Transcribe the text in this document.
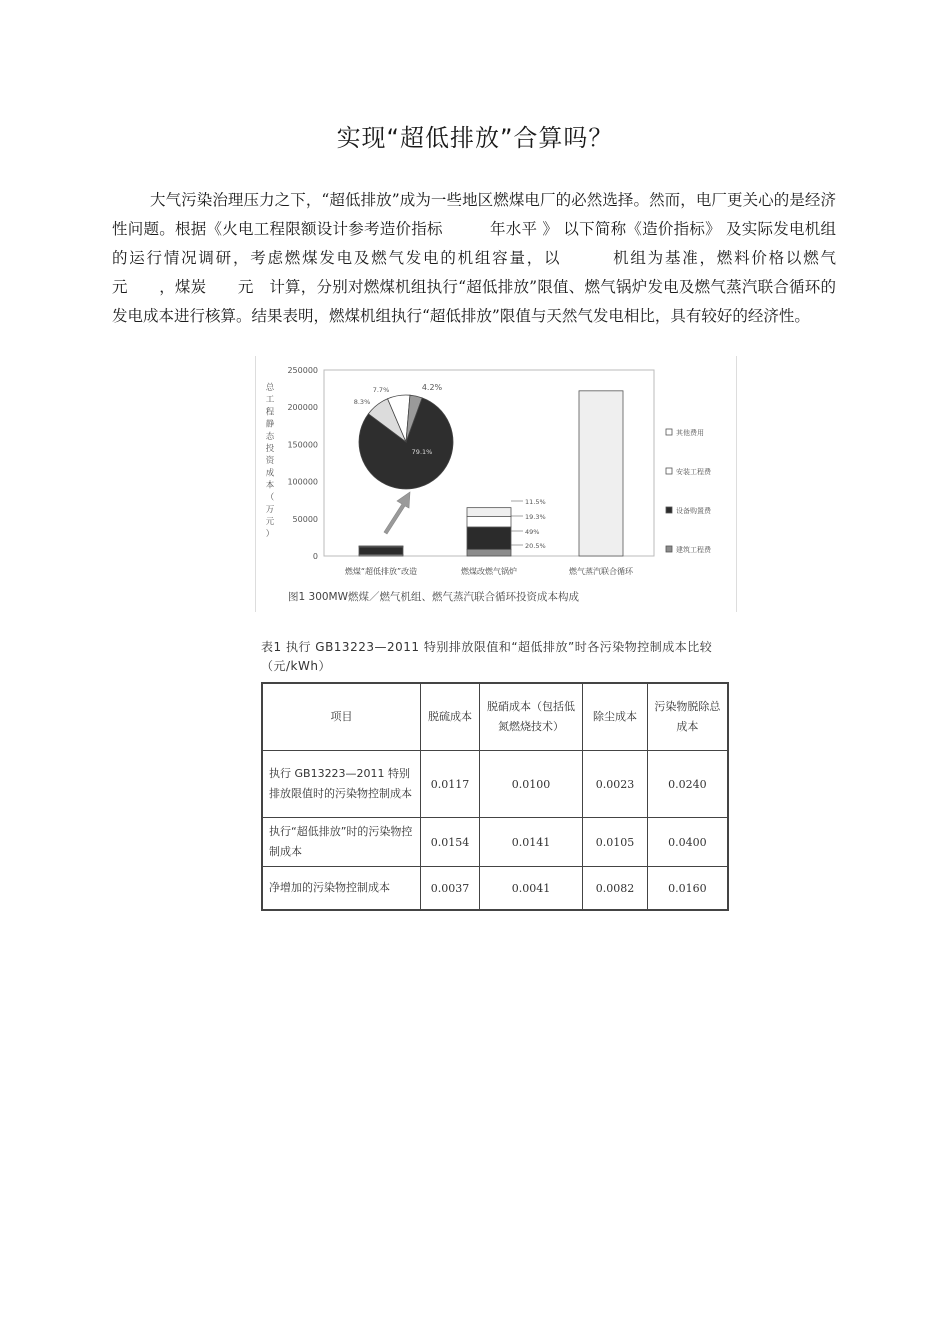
实现“超低排放”合算吗？

大气污染治理压力之下，“超低排放”成为一些地区燃煤电厂的必然选择。然而，电厂更关心的是经济性问题。根据《火电工程限额设计参考造价指标　　　年水平 》 以下简称《造价指标》 及实际发电机组的运行情况调研，考虑燃煤发电及燃气发电的机组容量，以　　　机组为基准，燃料价格以燃气　　元　　，煤炭　　元　计算，分别对燃煤机组执行“超低排放”限值、燃气锅炉发电及燃气蒸汽联合循环的发电成本进行核算。结果表明，燃煤机组执行“超低排放”限值与天然气发电相比，具有较好的经济性。

0
50000
100000
150000
200000
250000
总工程静态投资成本（万元）
燃煤“超低排放”改造	燃煤改燃气锅炉	燃气蒸汽联合循环
11.5%
19.3%
49%
20.5%
79.1%
8.3%
7.7%	4.2%
其他费用
安装工程费
设备购置费
建筑工程费
图1 300MW燃煤／燃气机组、燃气蒸汽联合循环投资成本构成
表1 执行 GB13223—2011 特别排放限值和“超低排放”时各污染物控制成本比较（元/kWh）
项目	脱硫成本	脱硝成本（包括低氮燃烧技术）	除尘成本	污染物脱除总成本
执行 GB13223—2011 特别排放限值时的污染物控制成本	0.0117	0.0100	0.0023	0.0240
执行“超低排放”时的污染物控制成本	0.0154	0.0141	0.0105	0.0400
净增加的污染物控制成本	0.0037	0.0041	0.0082	0.0160
